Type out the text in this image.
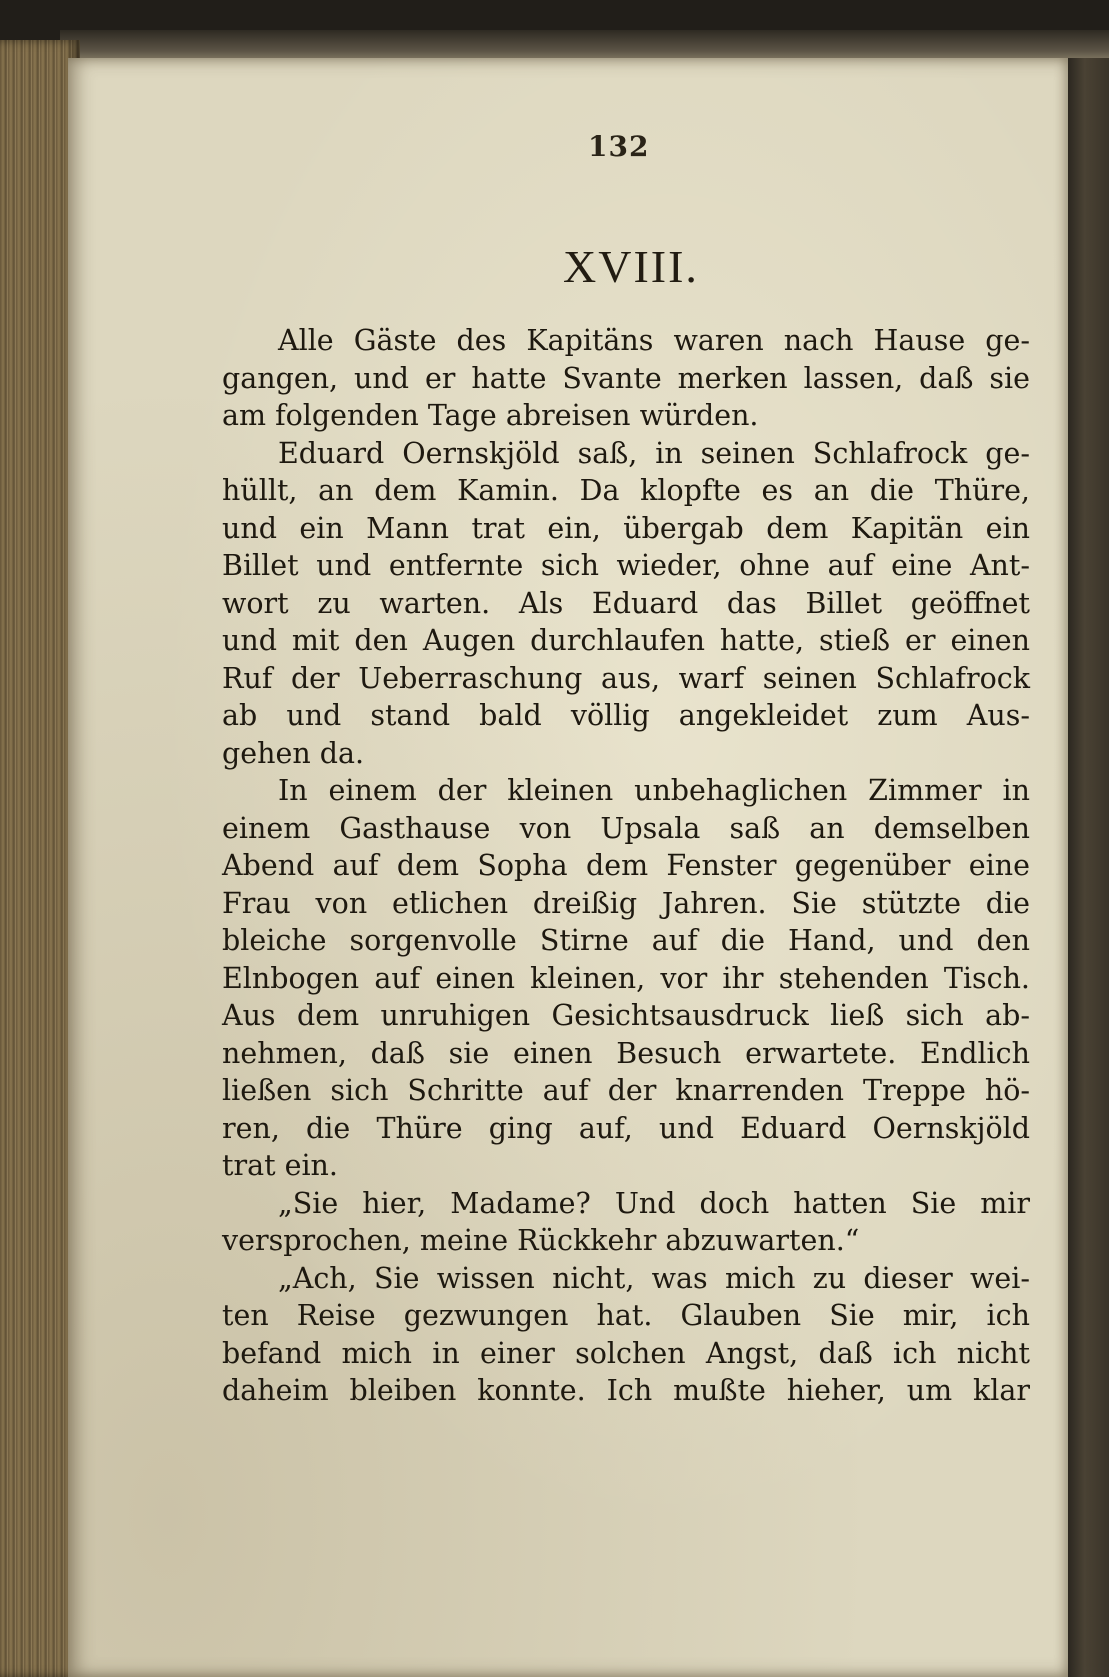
132
XVIII.
Alle Gäste des Kapitäns waren nach Hause ge-
gangen, und er hatte Svante merken lassen, daß sie
am folgenden Tage abreisen würden.
Eduard Oernskjöld saß, in seinen Schlafrock ge-
hüllt, an dem Kamin. Da klopfte es an die Thüre,
und ein Mann trat ein, übergab dem Kapitän ein
Billet und entfernte sich wieder, ohne auf eine Ant-
wort zu warten. Als Eduard das Billet geöffnet
und mit den Augen durchlaufen hatte, stieß er einen
Ruf der Ueberraschung aus, warf seinen Schlafrock
ab und stand bald völlig angekleidet zum Aus-
gehen da.
In einem der kleinen unbehaglichen Zimmer in
einem Gasthause von Upsala saß an demselben
Abend auf dem Sopha dem Fenster gegenüber eine
Frau von etlichen dreißig Jahren. Sie stützte die
bleiche sorgenvolle Stirne auf die Hand, und den
Elnbogen auf einen kleinen, vor ihr stehenden Tisch.
Aus dem unruhigen Gesichtsausdruck ließ sich ab-
nehmen, daß sie einen Besuch erwartete. Endlich
ließen sich Schritte auf der knarrenden Treppe hö-
ren, die Thüre ging auf, und Eduard Oernskjöld
trat ein.
„Sie hier, Madame? Und doch hatten Sie mir
versprochen, meine Rückkehr abzuwarten.“
„Ach, Sie wissen nicht, was mich zu dieser wei-
ten Reise gezwungen hat. Glauben Sie mir, ich
befand mich in einer solchen Angst, daß ich nicht
daheim bleiben konnte. Ich mußte hieher, um klar
